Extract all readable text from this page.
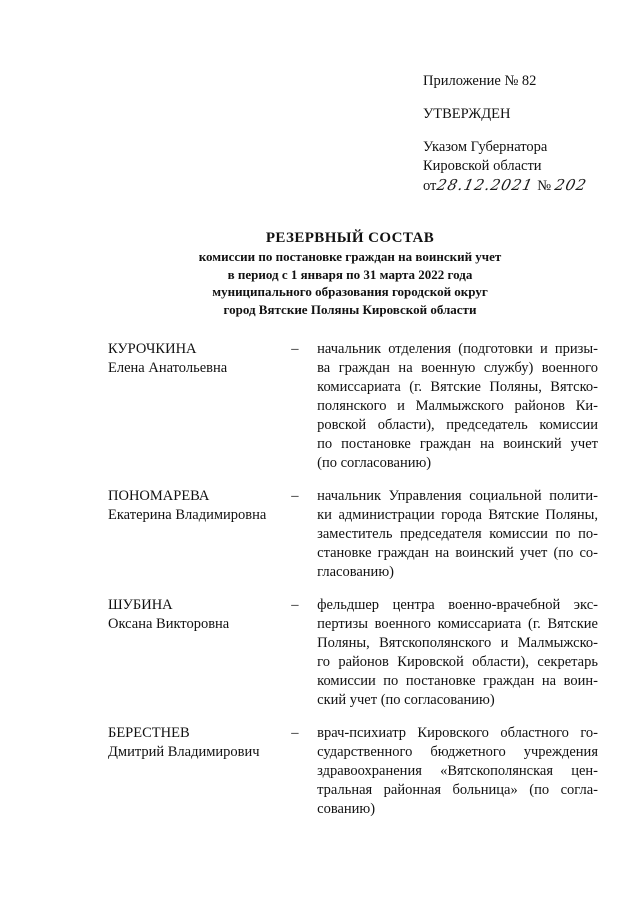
Приложение № 82
УТВЕРЖДЕН
Указом Губернатора
Кировской области
от 28.12.2021 № 202
РЕЗЕРВНЫЙ СОСТАВ
комиссии по постановке граждан на воинский учет
в период с 1 января по 31 марта 2022 года
муниципального образования городской округ
город Вятские Поляны Кировской области
КУРОЧКИНА
Елена Анатольевна
–	начальник отделения (подготовки и призы-
ва граждан на военную службу) военного
комиссариата (г. Вятские Поляны, Вятско-
полянского и Малмыжского районов Ки-
ровской области), председатель комиссии
по постановке граждан на воинский учет
(по согласованию)
ПОНОМАРЕВА
Екатерина Владимировна
–	начальник Управления социальной полити-
ки администрации города Вятские Поляны,
заместитель председателя комиссии по по-
становке граждан на воинский учет (по со-
гласованию)
ШУБИНА
Оксана Викторовна
–	фельдшер центра военно-врачебной экс-
пертизы военного комиссариата (г. Вятские
Поляны, Вятскополянского и Малмыжско-
го районов Кировской области), секретарь
комиссии по постановке граждан на воин-
ский учет (по согласованию)
БЕРЕСТНЕВ
Дмитрий Владимирович
–	врач-психиатр Кировского областного го-
сударственного бюджетного учреждения
здравоохранения «Вятскополянская цен-
тральная районная больница» (по согла-
сованию)
